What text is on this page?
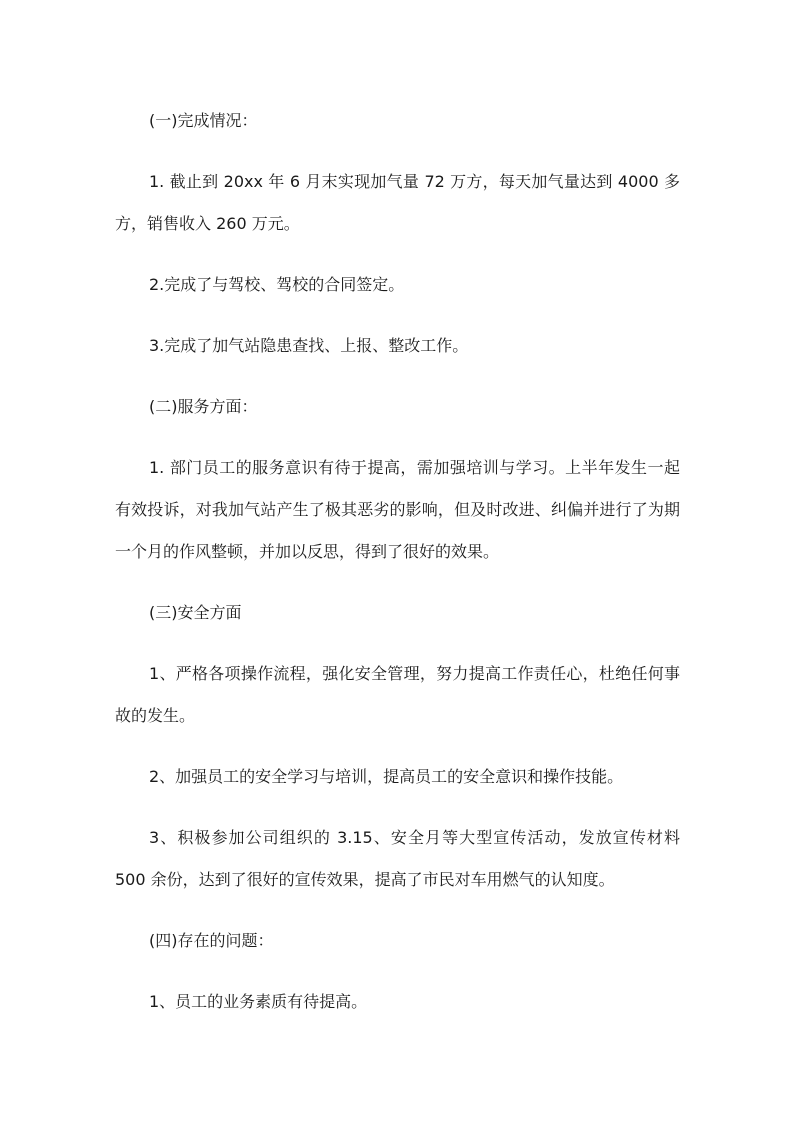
(一)完成情况：

1. 截止到 20xx 年 6 月末实现加气量 72 万方，每天加气量达到 4000 多方，销售收入 260 万元。

2.完成了与驾校、驾校的合同签定。

3.完成了加气站隐患查找、上报、整改工作。

(二)服务方面：

1. 部门员工的服务意识有待于提高，需加强培训与学习。上半年发生一起有效投诉，对我加气站产生了极其恶劣的影响，但及时改进、纠偏并进行了为期一个月的作风整顿，并加以反思，得到了很好的效果。

(三)安全方面

1、严格各项操作流程，强化安全管理，努力提高工作责任心，杜绝任何事故的发生。

2、加强员工的安全学习与培训，提高员工的安全意识和操作技能。

3、积极参加公司组织的 3.15、安全月等大型宣传活动，发放宣传材料 500 余份，达到了很好的宣传效果，提高了市民对车用燃气的认知度。

(四)存在的问题：

1、员工的业务素质有待提高。
